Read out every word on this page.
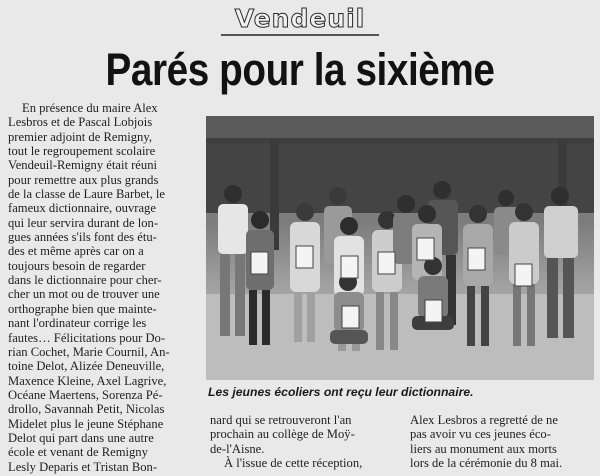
Vendeuil
Parés pour la sixième

En présence du maire Alex

Lesbros et de Pascal Lobjois

premier adjoint de Remigny,

tout le regroupement scolaire

Vendeuil-Remigny était réuni

pour remettre aux plus grands

de la classe de Laure Barbet, le

fameux dictionnaire, ouvrage

qui leur servira durant de lon-

gues années s'ils font des étu-

des et même après car on a

toujours besoin de regarder

dans le dictionnaire pour cher-

cher un mot ou de trouver une

orthographe bien que mainte-

nant l'ordinateur corrige les

fautes… Félicitations pour Do-

rian Cochet, Marie Cournil, An-

toine Delot, Alizée Deneuville,

Maxence Kleine, Axel Lagrive,

Océane Maertens, Sorenza Pé-

drollo, Savannah Petit, Nicolas

Midelet plus le jeune Stéphane

Delot qui part dans une autre

école et venant de Remigny

Lesly Deparis et Tristan Bon-

Les jeunes écoliers ont reçu leur dictionnaire.

nard qui se retrouveront l'an

prochain au collège de Moÿ-

de-l'Aisne.

À l'issue de cette réception,

Alex Lesbros a regretté de ne

pas avoir vu ces jeunes éco-

liers au monument aux morts

lors de la cérémonie du 8 mai.
